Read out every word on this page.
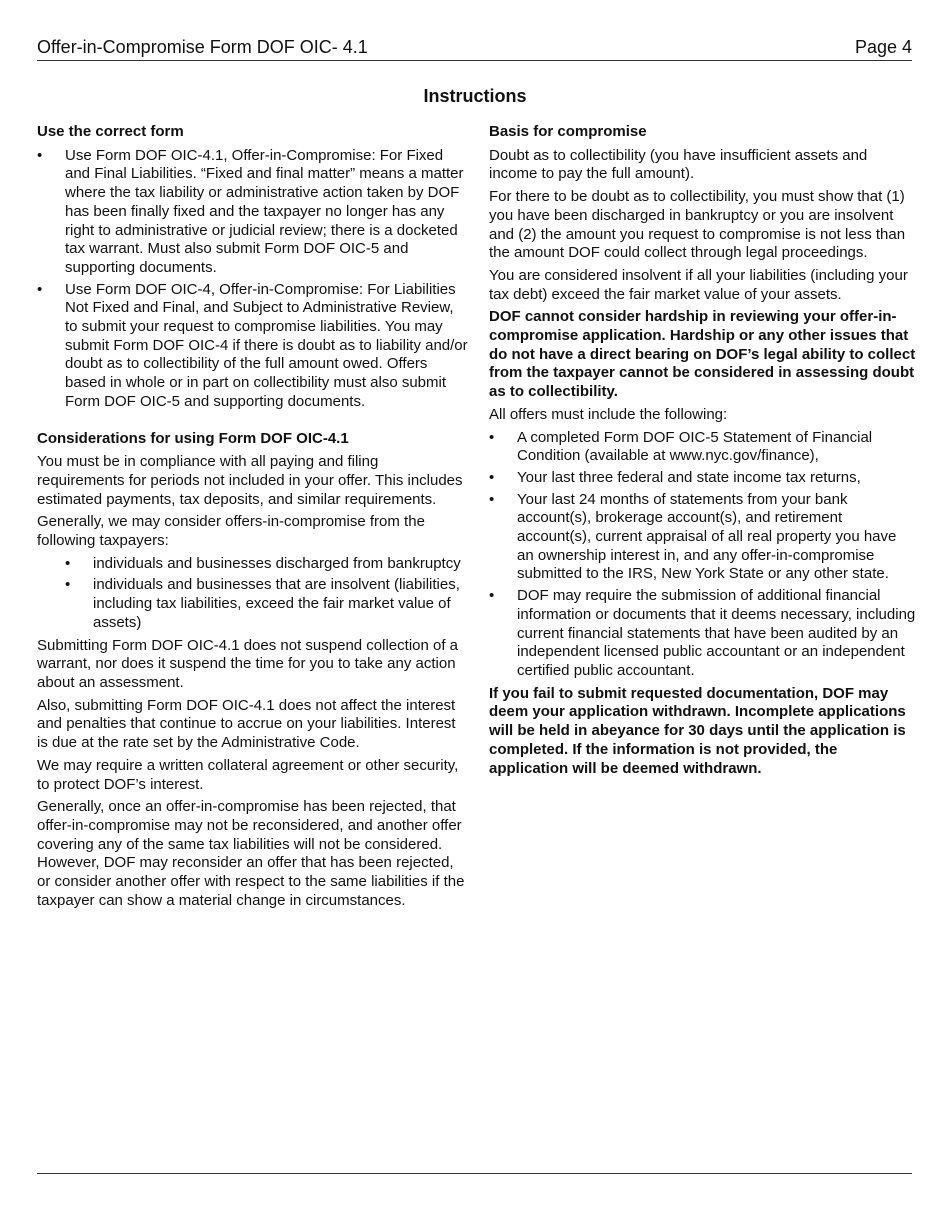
Offer-in-Compromise Form DOF OIC- 4.1	Page 4
Instructions
Use the correct form
• Use Form DOF OIC-4.1, Offer-in-Compromise: For Fixed and Final Liabilities. “Fixed and final matter” means a matter where the tax liability or administrative action taken by DOF has been finally fixed and the taxpayer no longer has any right to administrative or judicial review; there is a docketed tax warrant. Must also submit Form DOF OIC-5 and supporting documents.
• Use Form DOF OIC-4, Offer-in-Compromise: For Liabilities Not Fixed and Final, and Subject to Administrative Review, to submit your request to compromise liabilities. You may submit Form DOF OIC-4 if there is doubt as to liability and/or doubt as to collectibility of the full amount owed. Offers based in whole or in part on collectibility must also submit Form DOF OIC-5 and supporting documents.
Considerations for using Form DOF OIC-4.1

You must be in compliance with all paying and filing requirements for periods not included in your offer. This includes estimated payments, tax deposits, and similar requirements.

Generally, we may consider offers-in-compromise from the following taxpayers:

• individuals and businesses discharged from bankruptcy
• individuals and businesses that are insolvent (liabilities, including tax liabilities, exceed the fair market value of assets)

Submitting Form DOF OIC-4.1 does not suspend collection of a warrant, nor does it suspend the time for you to take any action about an assessment.

Also, submitting Form DOF OIC-4.1 does not affect the interest and penalties that continue to accrue on your liabilities. Interest is due at the rate set by the Administrative Code.

We may require a written collateral agreement or other security, to protect DOF’s interest.

Generally, once an offer-in-compromise has been rejected, that offer-in-compromise may not be reconsidered, and another offer covering any of the same tax liabilities will not be considered. However, DOF may reconsider an offer that has been rejected, or consider another offer with respect to the same liabilities if the taxpayer can show a material change in circumstances.

Basis for compromise

Doubt as to collectibility (you have insufficient assets and income to pay the full amount).

For there to be doubt as to collectibility, you must show that (1) you have been discharged in bankruptcy or you are insolvent and (2) the amount you request to compromise is not less than the amount DOF could collect through legal proceedings.

You are considered insolvent if all your liabilities (including your tax debt) exceed the fair market value of your assets.

DOF cannot consider hardship in reviewing your offer-in-compromise application. Hardship or any other issues that do not have a direct bearing on DOF’s legal ability to collect from the taxpayer cannot be considered in assessing doubt as to collectibility.

All offers must include the following:

• A completed Form DOF OIC-5 Statement of Financial Condition (available at www.nyc.gov/finance),
• Your last three federal and state income tax returns,
• Your last 24 months of statements from your bank account(s), brokerage account(s), and retirement account(s), current appraisal of all real property you have an ownership interest in, and any offer-in-compromise submitted to the IRS, New York State or any other state.
• DOF may require the submission of additional financial information or documents that it deems necessary, including current financial statements that have been audited by an independent licensed public accountant or an independent certified public accountant.

If you fail to submit requested documentation, DOF may deem your application withdrawn. Incomplete applications will be held in abeyance for 30 days until the application is completed. If the information is not provided, the application will be deemed withdrawn.
